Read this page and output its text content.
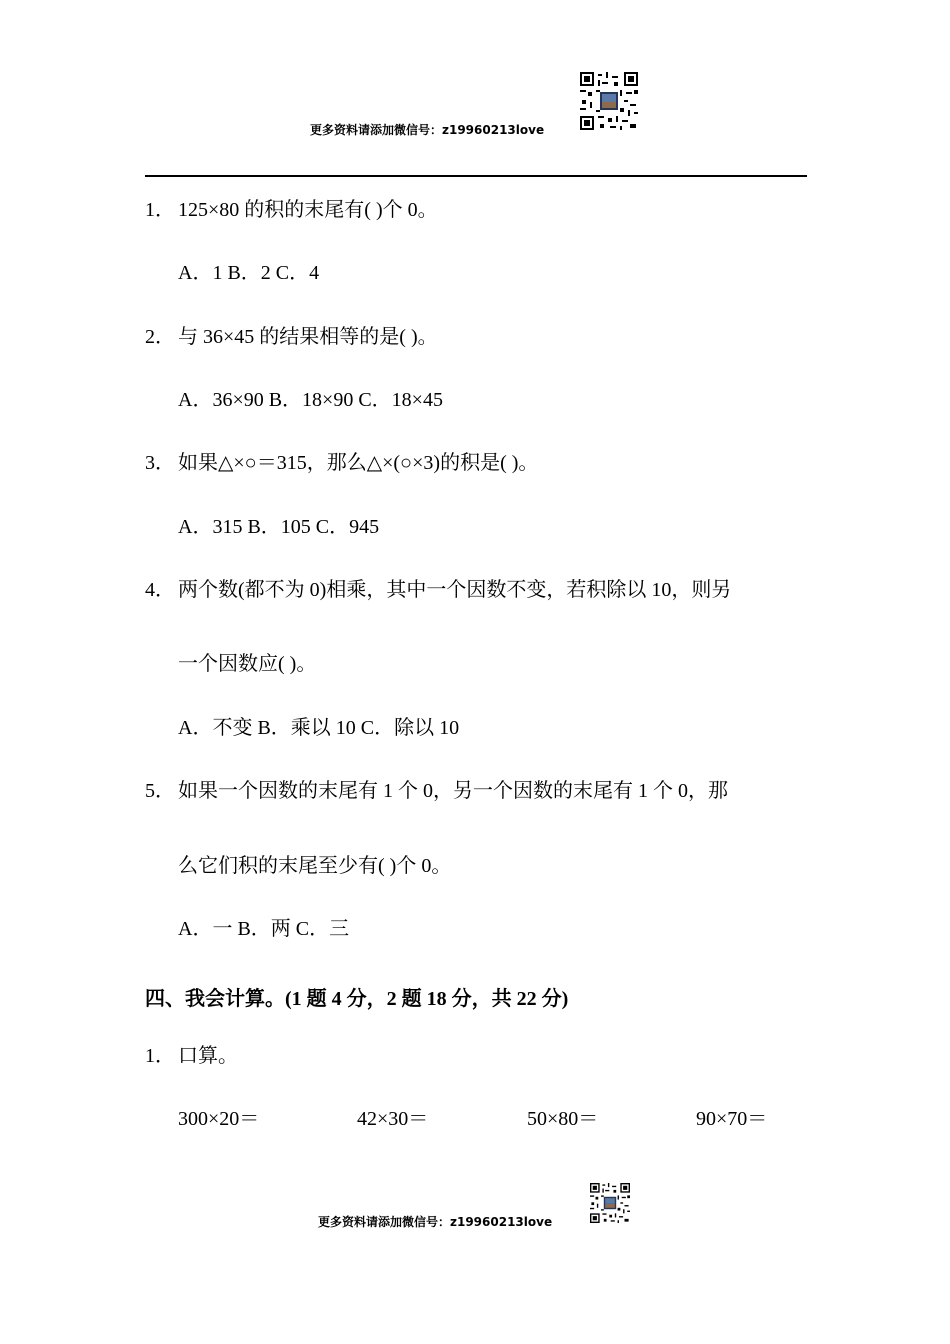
更多资料请添加微信号：z19960213love
1． 125×80 的积的末尾有( )个 0。
A．1 B．2 C．4
2． 与 36×45 的结果相等的是( )。
A．36×90 B．18×90 C．18×45
3． 如果△×○＝315，那么△×(○×3)的积是( )。
A．315 B．105 C．945
4． 两个数(都不为 0)相乘，其中一个因数不变，若积除以 10，则另
一个因数应( )。
A．不变 B．乘以 10 C．除以 10
5． 如果一个因数的末尾有 1 个 0，另一个因数的末尾有 1 个 0，那
么它们积的末尾至少有( )个 0。
A．一 B．两 C．三
四、我会计算。(1 题 4 分，2 题 18 分，共 22 分)
1． 口算。
300×20＝	42×30＝	50×80＝	90×70＝
更多资料请添加微信号：z19960213love
